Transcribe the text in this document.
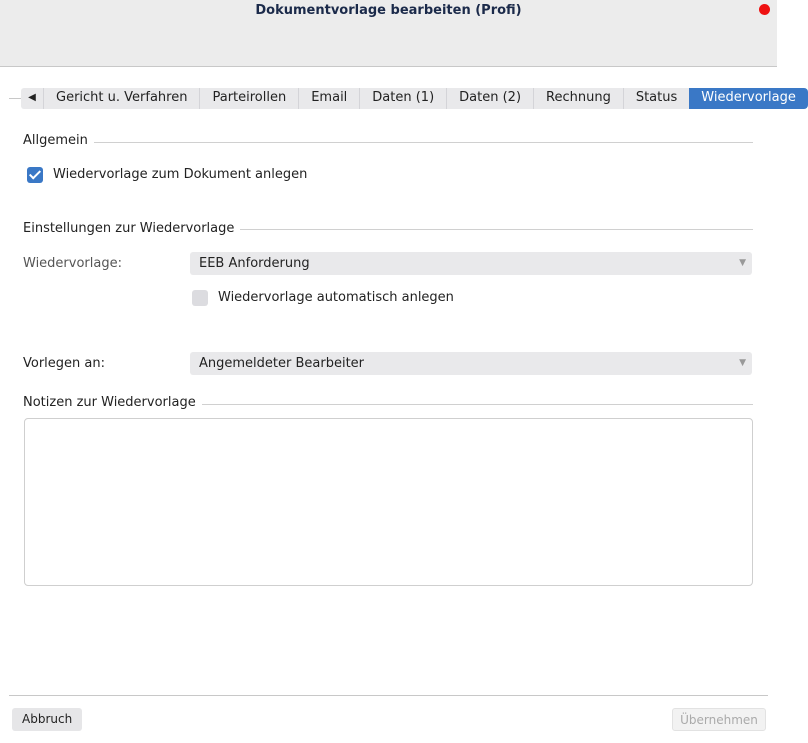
Dokumentvorlage bearbeiten (Profi)
◀	Gericht u. Verfahren	Parteirollen	Email	Daten (1)	Daten (2)	Rechnung	Status	Wiedervorlage
Allgemein
Wiedervorlage zum Dokument anlegen
Einstellungen zur Wiedervorlage
Wiedervorlage:	EEB Anforderung	▼
Wiedervorlage automatisch anlegen
Vorlegen an:	Angemeldeter Bearbeiter	▼
Notizen zur Wiedervorlage
Abbruch	Übernehmen
